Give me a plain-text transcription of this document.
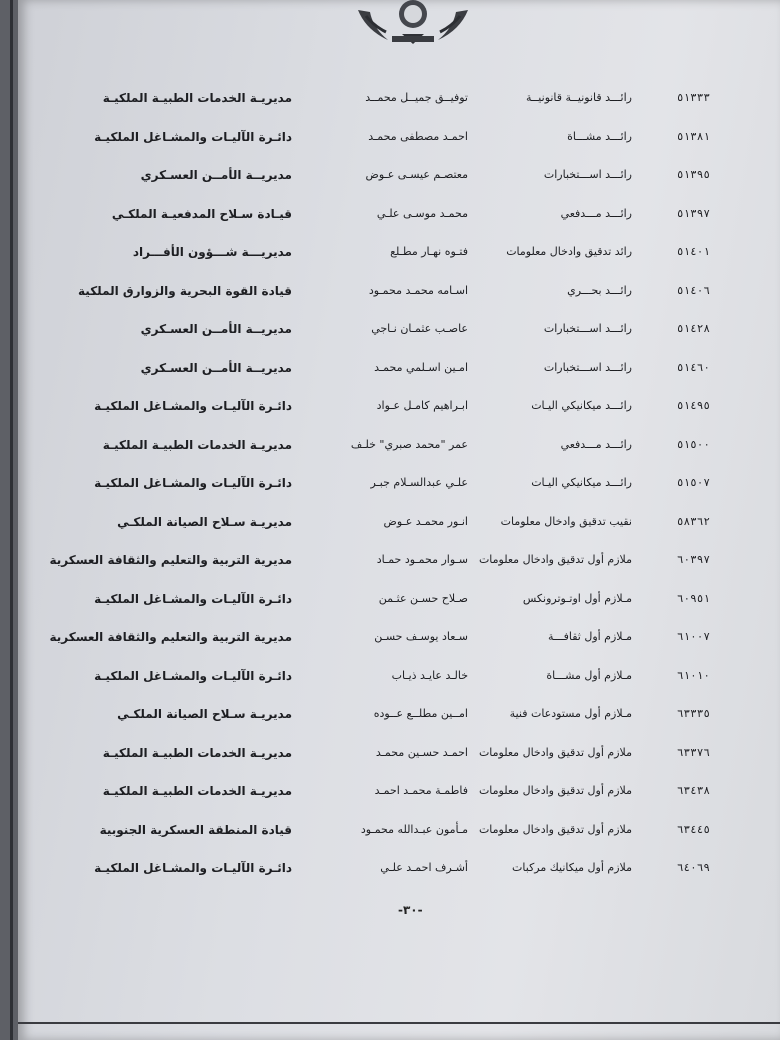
٥١٣٣٣
رائـــد قانونيــة قانونيــة
توفيــق جميــل محمــد
مديريـة الخدمات الطبيـة الملكيـة
٥١٣٨١
رائـــد مشـــاة
احمـد مصطفى محمـد
دائـرة الآليـات والمشـاغل الملكيـة
٥١٣٩٥
رائـــد اســـتخبارات
معتصـم عيسـى عـوض
مديريــة الأمــن العسـكري
٥١٣٩٧
رائـــد مـــدفعي
محمـد موسـى علـي
قيـادة سـلاح المدفعيـة الملكـي
٥١٤٠١
رائد تدقيق وادخال معلومات
فتـوه نهـار مطـلع
مديريـــة شـــؤون الأفـــراد
٥١٤٠٦
رائـــد بحـــري
اسـامه محمـد محمـود
قيادة القوة البحرية والزوارق الملكية
٥١٤٢٨
رائـــد اســـتخبارات
عاصـب عثمـان نـاجي
مديريــة الأمــن العسـكري
٥١٤٦٠
رائـــد اســـتخبارات
امـين اسـلمي محمـد
مديريــة الأمــن العسـكري
٥١٤٩٥
رائـــد ميكانيكي اليـات
ابـراهيم كامـل عـواد
دائـرة الآليـات والمشـاغل الملكيـة
٥١٥٠٠
رائـــد مـــدفعي
عمر "محمد صبري" خلـف
مديريـة الخدمات الطبيـة الملكيـة
٥١٥٠٧
رائـــد ميكانيكي اليـات
علـي عبدالسـلام جبـر
دائـرة الآليـات والمشـاغل الملكيـة
٥٨٣٦٢
نقيب تدقيق وادخال معلومات
انـور محمـد عـوض
مديريـة سـلاح الصيانة الملكـي
٦٠٣٩٧
ملازم أول تدقيق وادخال معلومات
سـوار محمـود حمـاد
مديرية التربية والتعليم والثقافة العسكرية
٦٠٩٥١
مـلازم أول اوتـوترونكس
صـلاح حسـن عثـمن
دائـرة الآليـات والمشـاغل الملكيـة
٦١٠٠٧
مـلازم أول ثقافـــة
سـعاد يوسـف حسـن
مديرية التربية والتعليم والثقافة العسكرية
٦١٠١٠
مـلازم أول مشـــاة
خالـد عايـد ذيـاب
دائـرة الآليـات والمشـاغل الملكيـة
٦٣٣٣٥
مـلازم أول مستودعات فنية
امــين مطلــع عــوده
مديريـة سـلاح الصيانة الملكـي
٦٣٣٧٦
ملازم أول تدقيق وادخال معلومات
احمـد حسـين محمـد
مديريـة الخدمات الطبيـة الملكيـة
٦٣٤٣٨
ملازم أول تدقيق وادخال معلومات
فاطمـة محمـد احمـد
مديريـة الخدمات الطبيـة الملكيـة
٦٣٤٤٥
ملازم أول تدقيق وادخال معلومات
مـأمون عبـدالله محمـود
قيادة المنطقة العسكرية الجنوبية
٦٤٠٦٩
ملازم أول ميكانيك مركبات
أشـرف احمـد علـي
دائـرة الآليـات والمشـاغل الملكيـة
-٣٠-
